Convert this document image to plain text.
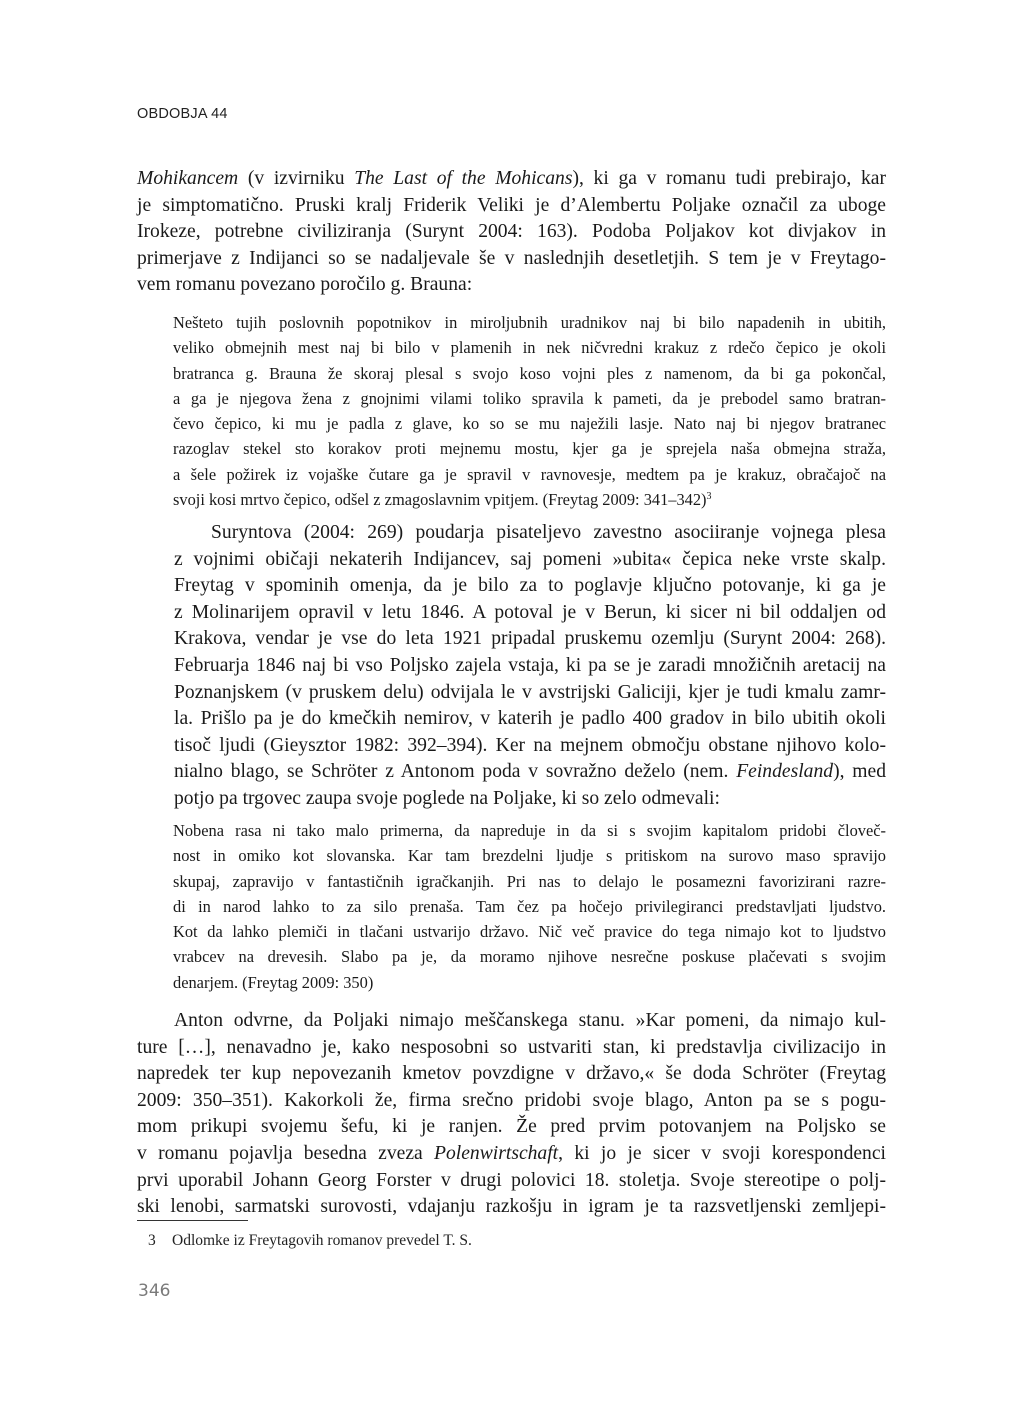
OBDOBJA 44
Mohikancem (v izvirniku The Last of the Mohicans), ki ga v romanu tudi prebirajo, kar
je simptomatično. Pruski kralj Friderik Veliki je d’Alembertu Poljake označil za uboge
Irokeze, potrebne civiliziranja (Surynt 2004: 163). Podoba Poljakov kot divjakov in
primerjave z Indijanci so se nadaljevale še v naslednjih desetletjih. S tem je v Freytago-
vem romanu povezano poročilo g. Brauna:
Nešteto tujih poslovnih popotnikov in miroljubnih uradnikov naj bi bilo napadenih in ubitih,
veliko obmejnih mest naj bi bilo v plamenih in nek ničvredni krakuz z rdečo čepico je okoli
bratranca g. Brauna že skoraj plesal s svojo koso vojni ples z namenom, da bi ga pokončal,
a ga je njegova žena z gnojnimi vilami toliko spravila k pameti, da je prebodel samo bratran-
čevo čepico, ki mu je padla z glave, ko so se mu naježili lasje. Nato naj bi njegov bratranec
razoglav stekel sto korakov proti mejnemu mostu, kjer ga je sprejela naša obmejna straža,
a šele požirek iz vojaške čutare ga je spravil v ravnovesje, medtem pa je krakuz, obračajoč na
svoji kosi mrtvo čepico, odšel z zmagoslavnim vpitjem. (Freytag 2009: 341–342)$^3$
Suryntova (2004: 269) poudarja pisateljevo zavestno asociiranje vojnega plesa
z vojnimi običaji nekaterih Indijancev, saj pomeni »ubita« čepica neke vrste skalp.
Freytag v spominih omenja, da je bilo za to poglavje ključno potovanje, ki ga je
z Molinarijem opravil v letu 1846. A potoval je v Berun, ki sicer ni bil oddaljen od
Krakova, vendar je vse do leta 1921 pripadal pruskemu ozemlju (Surynt 2004: 268).
Februarja 1846 naj bi vso Poljsko zajela vstaja, ki pa se je zaradi množičnih aretacij na
Poznanjskem (v pruskem delu) odvijala le v avstrijski Galiciji, kjer je tudi kmalu zamr-
la. Prišlo pa je do kmečkih nemirov, v katerih je padlo 400 gradov in bilo ubitih okoli
tisoč ljudi (Gieysztor 1982: 392–394). Ker na mejnem območju obstane njihovo kolo-
nialno blago, se Schröter z Antonom poda v sovražno deželo (nem. Feindesland), med
potjo pa trgovec zaupa svoje poglede na Poljake, ki so zelo odmevali:
Nobena rasa ni tako malo primerna, da napreduje in da si s svojim kapitalom pridobi človeč-
nost in omiko kot slovanska. Kar tam brezdelni ljudje s pritiskom na surovo maso spravijo
skupaj, zapravijo v fantastičnih igračkanjih. Pri nas to delajo le posamezni favorizirani razre-
di in narod lahko to za silo prenaša. Tam čez pa hočejo privilegiranci predstavljati ljudstvo.
Kot da lahko plemiči in tlačani ustvarijo državo. Nič več pravice do tega nimajo kot to ljudstvo
vrabcev na drevesih. Slabo pa je, da moramo njihove nesrečne poskuse plačevati s svojim
denarjem. (Freytag 2009: 350)
Anton odvrne, da Poljaki nimajo meščanskega stanu. »Kar pomeni, da nimajo kul-
ture […], nenavadno je, kako nesposobni so ustvariti stan, ki predstavlja civilizacijo in
napredek ter kup nepovezanih kmetov povzdigne v državo,« še doda Schröter (Freytag
2009: 350–351). Kakorkoli že, firma srečno pridobi svoje blago, Anton pa se s pogu-
mom prikupi svojemu šefu, ki je ranjen. Že pred prvim potovanjem na Poljsko se
v romanu pojavlja besedna zveza Polenwirtschaft, ki jo je sicer v svoji korespondenci
prvi uporabil Johann Georg Forster v drugi polovici 18. stoletja. Svoje stereotipe o polj-
ski lenobi, sarmatski surovosti, vdajanju razkošju in igram je ta razsvetljenski zemljepi-
3 Odlomke iz Freytagovih romanov prevedel T. S.
346
